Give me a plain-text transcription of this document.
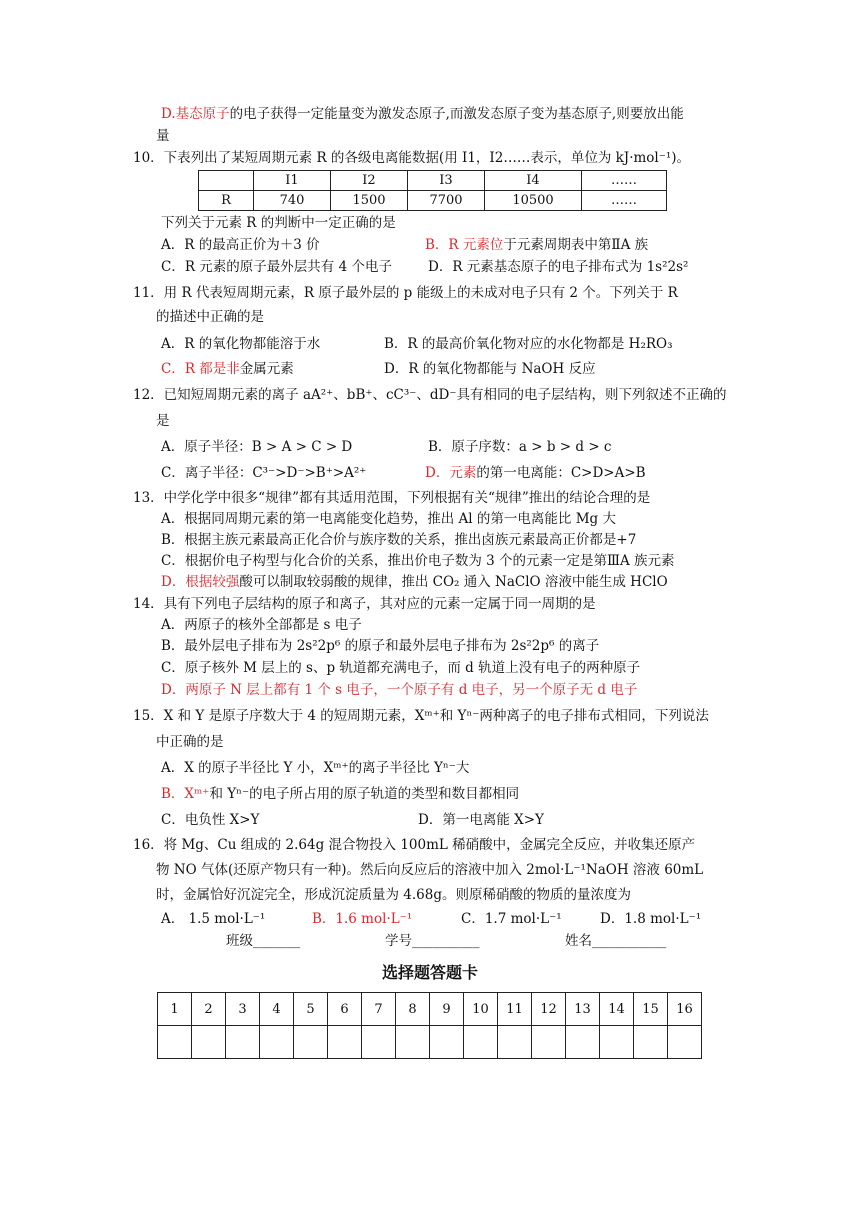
D.基态原子的电子获得一定能量变为激发态原子,而激发态原子变为基态原子,则要放出能
量
10．下表列出了某短周期元素 R 的各级电离能数据(用 I1，I2……表示，单位为 kJ·mol⁻¹)。
	I1	I2	I3	I4	……
R	740	1500	7700	10500	……
下列关于元素 R 的判断中一定正确的是
A．R 的最高正价为＋3 价	B．R 元素位于元素周期表中第ⅡA 族
C．R 元素的原子最外层共有 4 个电子	D．R 元素基态原子的电子排布式为 1s²2s²
11．用 R 代表短周期元素，R 原子最外层的 p 能级上的未成对电子只有 2 个。下列关于 R
的描述中正确的是
A．R 的氧化物都能溶于水	B．R 的最高价氧化物对应的水化物都是 H₂RO₃
C．R 都是非金属元素	D．R 的氧化物都能与 NaOH 反应
12．已知短周期元素的离子 aA²⁺、bB⁺、cC³⁻、dD⁻具有相同的电子层结构，则下列叙述不正确的
是
A．原子半径：B > A > C > D	B．原子序数：a > b > d > c
C．离子半径：C³⁻>D⁻>B⁺>A²⁺	D．元素的第一电离能：C>D>A>B
13．中学化学中很多“规律”都有其适用范围，下列根据有关“规律”推出的结论合理的是
A．根据同周期元素的第一电离能变化趋势，推出 Al 的第一电离能比 Mg 大
B．根据主族元素最高正化合价与族序数的关系，推出卤族元素最高正价都是+7
C．根据价电子构型与化合价的关系，推出价电子数为 3 个的元素一定是第ⅢA 族元素
D．根据较强酸可以制取较弱酸的规律，推出 CO₂ 通入 NaClO 溶液中能生成 HClO
14．具有下列电子层结构的原子和离子，其对应的元素一定属于同一周期的是
A．两原子的核外全部都是 s 电子
B．最外层电子排布为 2s²2p⁶ 的原子和最外层电子排布为 2s²2p⁶ 的离子
C．原子核外 M 层上的 s、p 轨道都充满电子，而 d 轨道上没有电子的两种原子
D．两原子 N 层上都有 1 个 s 电子，一个原子有 d 电子，另一个原子无 d 电子
15．X 和 Y 是原子序数大于 4 的短周期元素，Xᵐ⁺和 Yⁿ⁻两种离子的电子排布式相同，下列说法
中正确的是
A．X 的原子半径比 Y 小，Xᵐ⁺的离子半径比 Yⁿ⁻大
B．Xᵐ⁺和 Yⁿ⁻的电子所占用的原子轨道的类型和数目都相同
C．电负性 X>Y	D．第一电离能 X>Y
16．将 Mg、Cu 组成的 2.64g 混合物投入 100mL 稀硝酸中，金属完全反应，并收集还原产
物 NO 气体(还原产物只有一种)。然后向反应后的溶液中加入 2mol·L⁻¹NaOH 溶液 60mL
时，金属恰好沉淀完全，形成沉淀质量为 4.68g。则原稀硝酸的物质的量浓度为
A． 1.5 mol·L⁻¹	B．1.6 mol·L⁻¹	C．1.7 mol·L⁻¹	D．1.8 mol·L⁻¹
班级_______	学号__________	姓名___________
选择题答题卡
1	2	3	4	5	6	7	8	9	10	11	12	13	14	15	16
